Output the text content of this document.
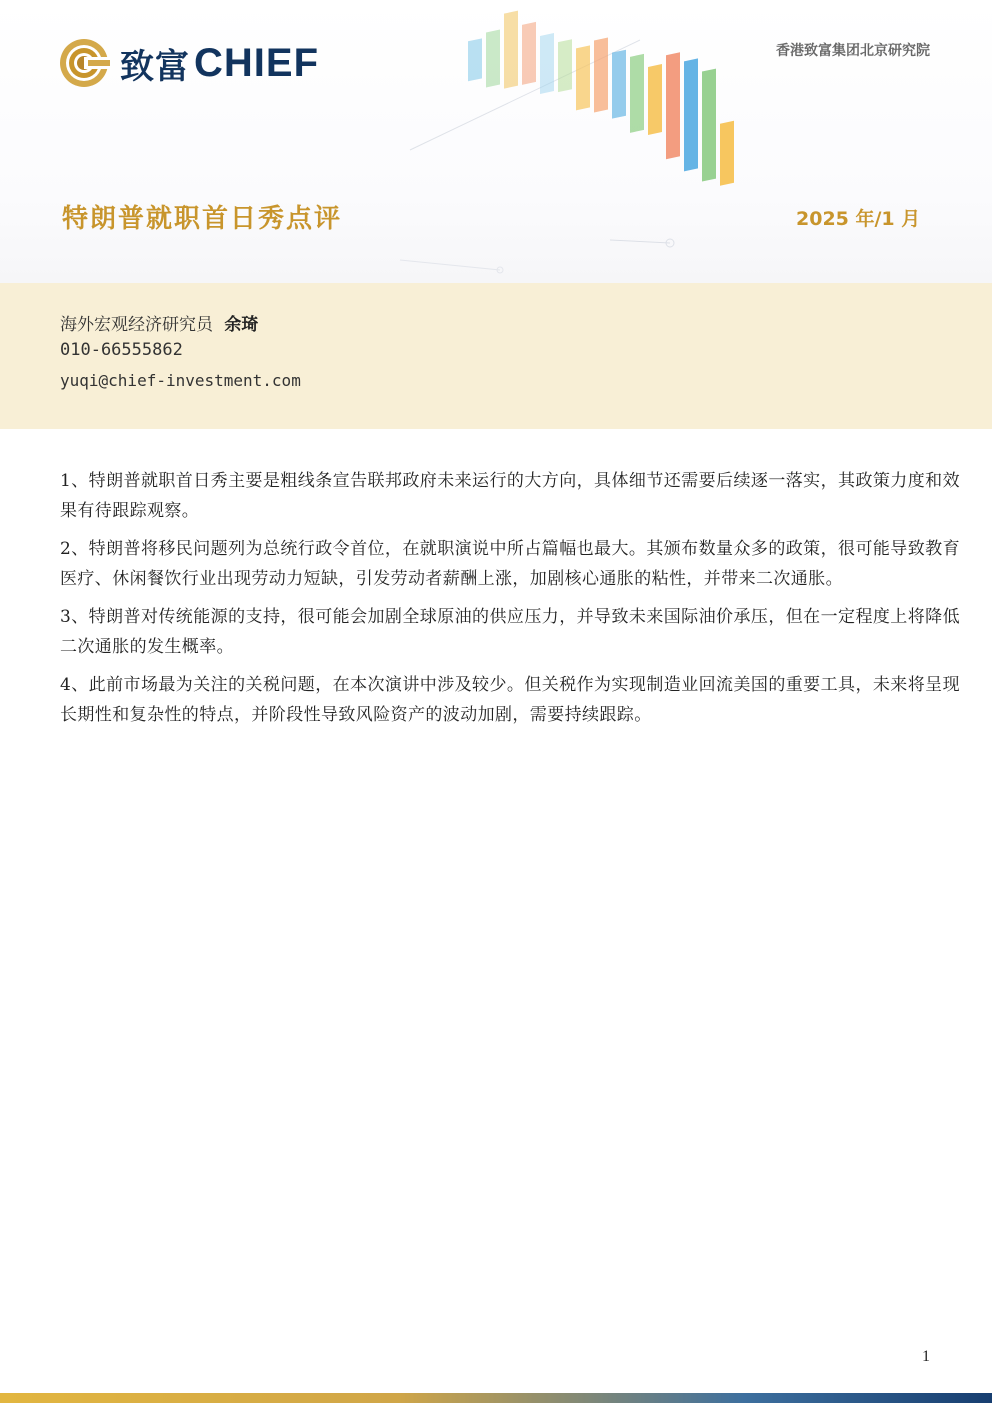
致富 CHIEF	香港致富集团北京研究院
特朗普就职首日秀点评	2025 年/1 月
海外宏观经济研究员 余琦
010-66555862
yuqi@chief-investment.com

1、特朗普就职首日秀主要是粗线条宣告联邦政府未来运行的大方向，具体细节还需要后续逐一落实，其政策力度和效果有待跟踪观察。

2、特朗普将移民问题列为总统行政令首位，在就职演说中所占篇幅也最大。其颁布数量众多的政策，很可能导致教育医疗、休闲餐饮行业出现劳动力短缺，引发劳动者薪酬上涨，加剧核心通胀的粘性，并带来二次通胀。

3、特朗普对传统能源的支持，很可能会加剧全球原油的供应压力，并导致未来国际油价承压，但在一定程度上将降低二次通胀的发生概率。

4、此前市场最为关注的关税问题，在本次演讲中涉及较少。但关税作为实现制造业回流美国的重要工具，未来将呈现长期性和复杂性的特点，并阶段性导致风险资产的波动加剧，需要持续跟踪。

1
